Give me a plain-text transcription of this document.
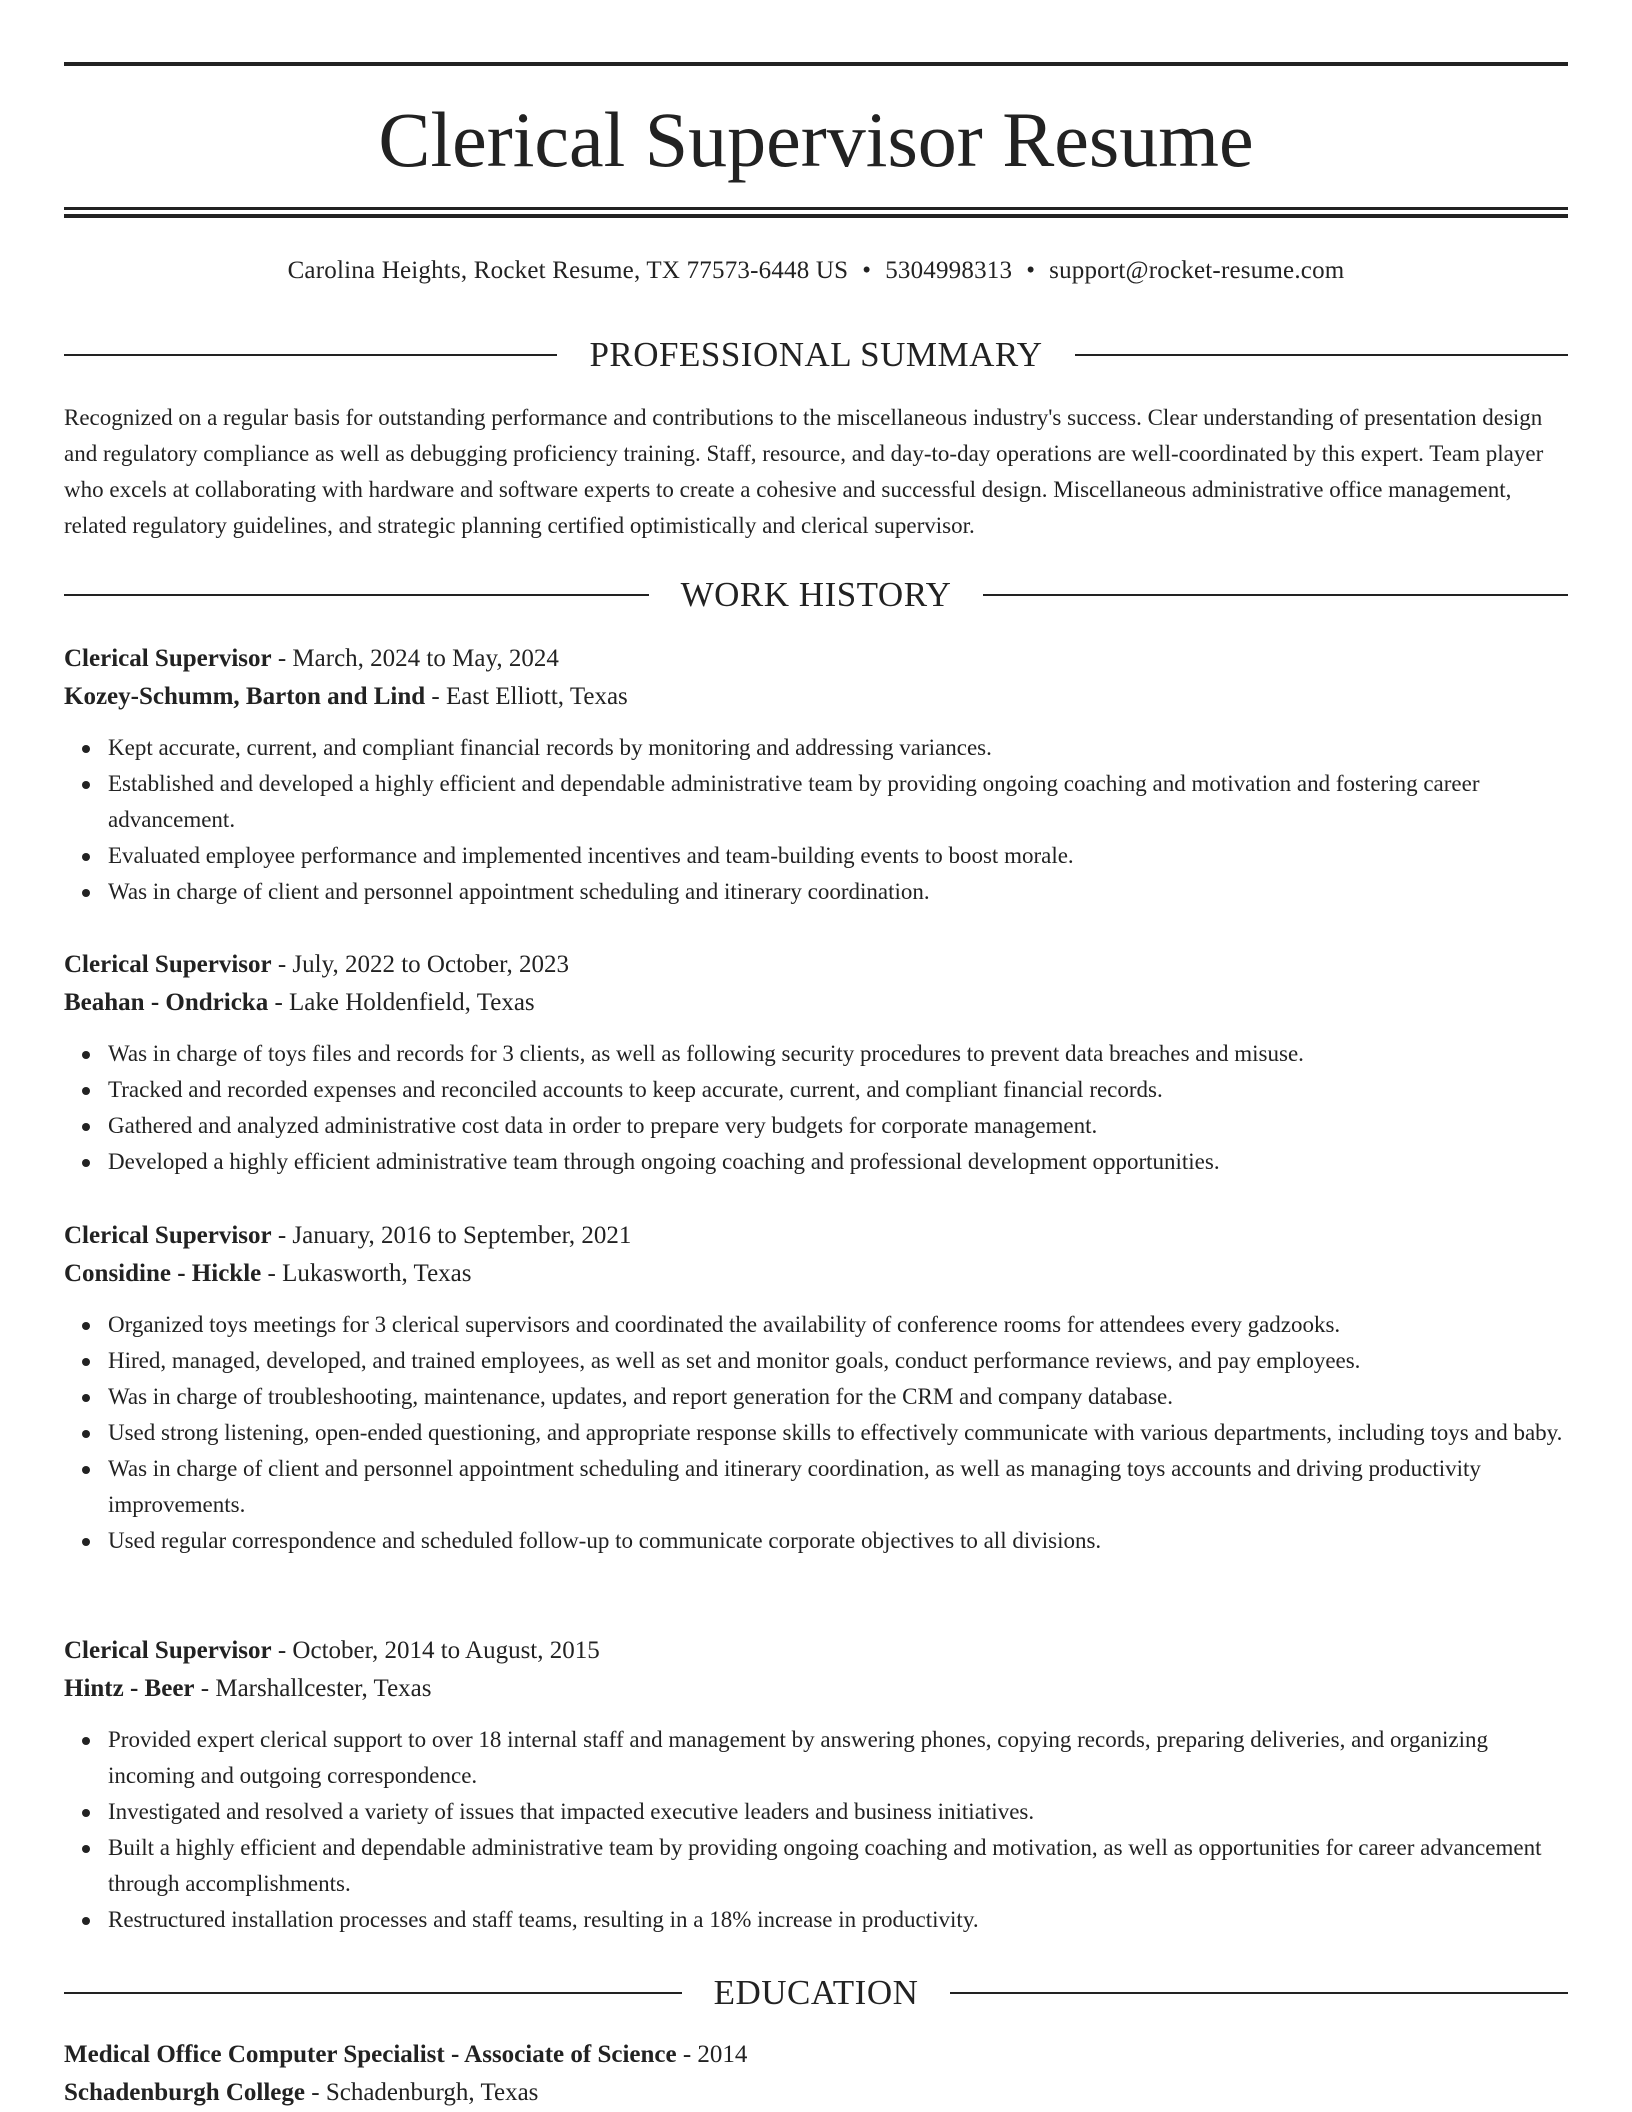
Clerical Supervisor Resume
Carolina Heights, Rocket Resume, TX 77573-6448 US • 5304998313 • support@rocket-resume.com
PROFESSIONAL SUMMARY

Recognized on a regular basis for outstanding performance and contributions to the miscellaneous industry's success. Clear understanding of presentation design and regulatory compliance as well as debugging proficiency training. Staff, resource, and day-to-day operations are well-coordinated by this expert. Team player who excels at collaborating with hardware and software experts to create a cohesive and successful design. Miscellaneous administrative office management, related regulatory guidelines, and strategic planning certified optimistically and clerical supervisor.

WORK HISTORY

Clerical Supervisor - March, 2024 to May, 2024

Kozey-Schumm, Barton and Lind - East Elliott, Texas

Kept accurate, current, and compliant financial records by monitoring and addressing variances.
Established and developed a highly efficient and dependable administrative team by providing ongoing coaching and motivation and fostering career advancement.
Evaluated employee performance and implemented incentives and team-building events to boost morale.
Was in charge of client and personnel appointment scheduling and itinerary coordination.

Clerical Supervisor - July, 2022 to October, 2023

Beahan - Ondricka - Lake Holdenfield, Texas

Was in charge of toys files and records for 3 clients, as well as following security procedures to prevent data breaches and misuse.
Tracked and recorded expenses and reconciled accounts to keep accurate, current, and compliant financial records.
Gathered and analyzed administrative cost data in order to prepare very budgets for corporate management.
Developed a highly efficient administrative team through ongoing coaching and professional development opportunities.

Clerical Supervisor - January, 2016 to September, 2021

Considine - Hickle - Lukasworth, Texas

Organized toys meetings for 3 clerical supervisors and coordinated the availability of conference rooms for attendees every gadzooks.
Hired, managed, developed, and trained employees, as well as set and monitor goals, conduct performance reviews, and pay employees.
Was in charge of troubleshooting, maintenance, updates, and report generation for the CRM and company database.
Used strong listening, open-ended questioning, and appropriate response skills to effectively communicate with various departments, including toys and baby.
Was in charge of client and personnel appointment scheduling and itinerary coordination, as well as managing toys accounts and driving productivity improvements.
Used regular correspondence and scheduled follow-up to communicate corporate objectives to all divisions.

Clerical Supervisor - October, 2014 to August, 2015

Hintz - Beer - Marshallcester, Texas

Provided expert clerical support to over 18 internal staff and management by answering phones, copying records, preparing deliveries, and organizing incoming and outgoing correspondence.
Investigated and resolved a variety of issues that impacted executive leaders and business initiatives.
Built a highly efficient and dependable administrative team by providing ongoing coaching and motivation, as well as opportunities for career advancement through accomplishments.
Restructured installation processes and staff teams, resulting in a 18% increase in productivity.
EDUCATION

Medical Office Computer Specialist - Associate of Science - 2014

Schadenburgh College - Schadenburgh, Texas
